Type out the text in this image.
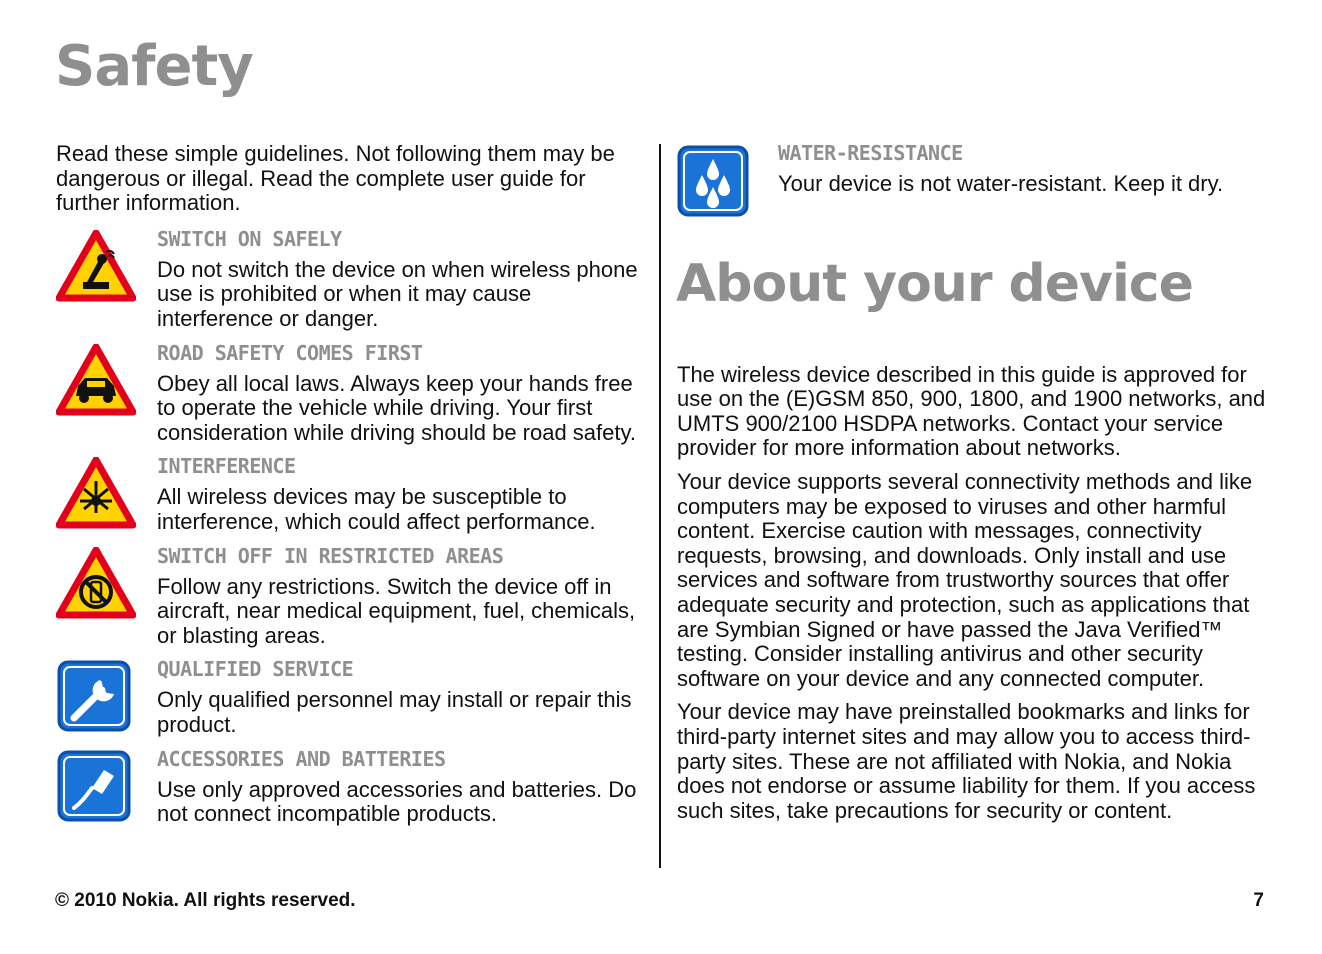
Safety

Read these simple guidelines. Not following them may be dangerous or illegal. Read the complete user guide for further information.

SWITCH ON SAFELY

Do not switch the device on when wireless phone use is prohibited or when it may cause interference or danger.

ROAD SAFETY COMES FIRST

Obey all local laws. Always keep your hands free to operate the vehicle while driving. Your first consideration while driving should be road safety.

INTERFERENCE

All wireless devices may be susceptible to interference, which could affect performance.

SWITCH OFF IN RESTRICTED AREAS

Follow any restrictions. Switch the device off in aircraft, near medical equipment, fuel, chemicals, or blasting areas.

QUALIFIED SERVICE

Only qualified personnel may install or repair this product.

ACCESSORIES AND BATTERIES

Use only approved accessories and batteries. Do not connect incompatible products.

WATER-RESISTANCE

Your device is not water-resistant. Keep it dry.

The wireless device described in this guide is approved for use on the (E)GSM 850, 900, 1800, and 1900 networks, and UMTS 900/2100 HSDPA networks. Contact your service provider for more information about networks.

Your device supports several connectivity methods and like computers may be exposed to viruses and other harmful content. Exercise caution with messages, connectivity requests, browsing, and downloads. Only install and use services and software from trustworthy sources that offer adequate security and protection, such as applications that are Symbian Signed or have passed the Java Verified™ testing. Consider installing antivirus and other security software on your device and any connected computer.

Your device may have preinstalled bookmarks and links for third-party internet sites and may allow you to access third-party sites. These are not affiliated with Nokia, and Nokia does not endorse or assume liability for them. If you access such sites, take precautions for security or content.

About your device
© 2010 Nokia. All rights reserved.	7
